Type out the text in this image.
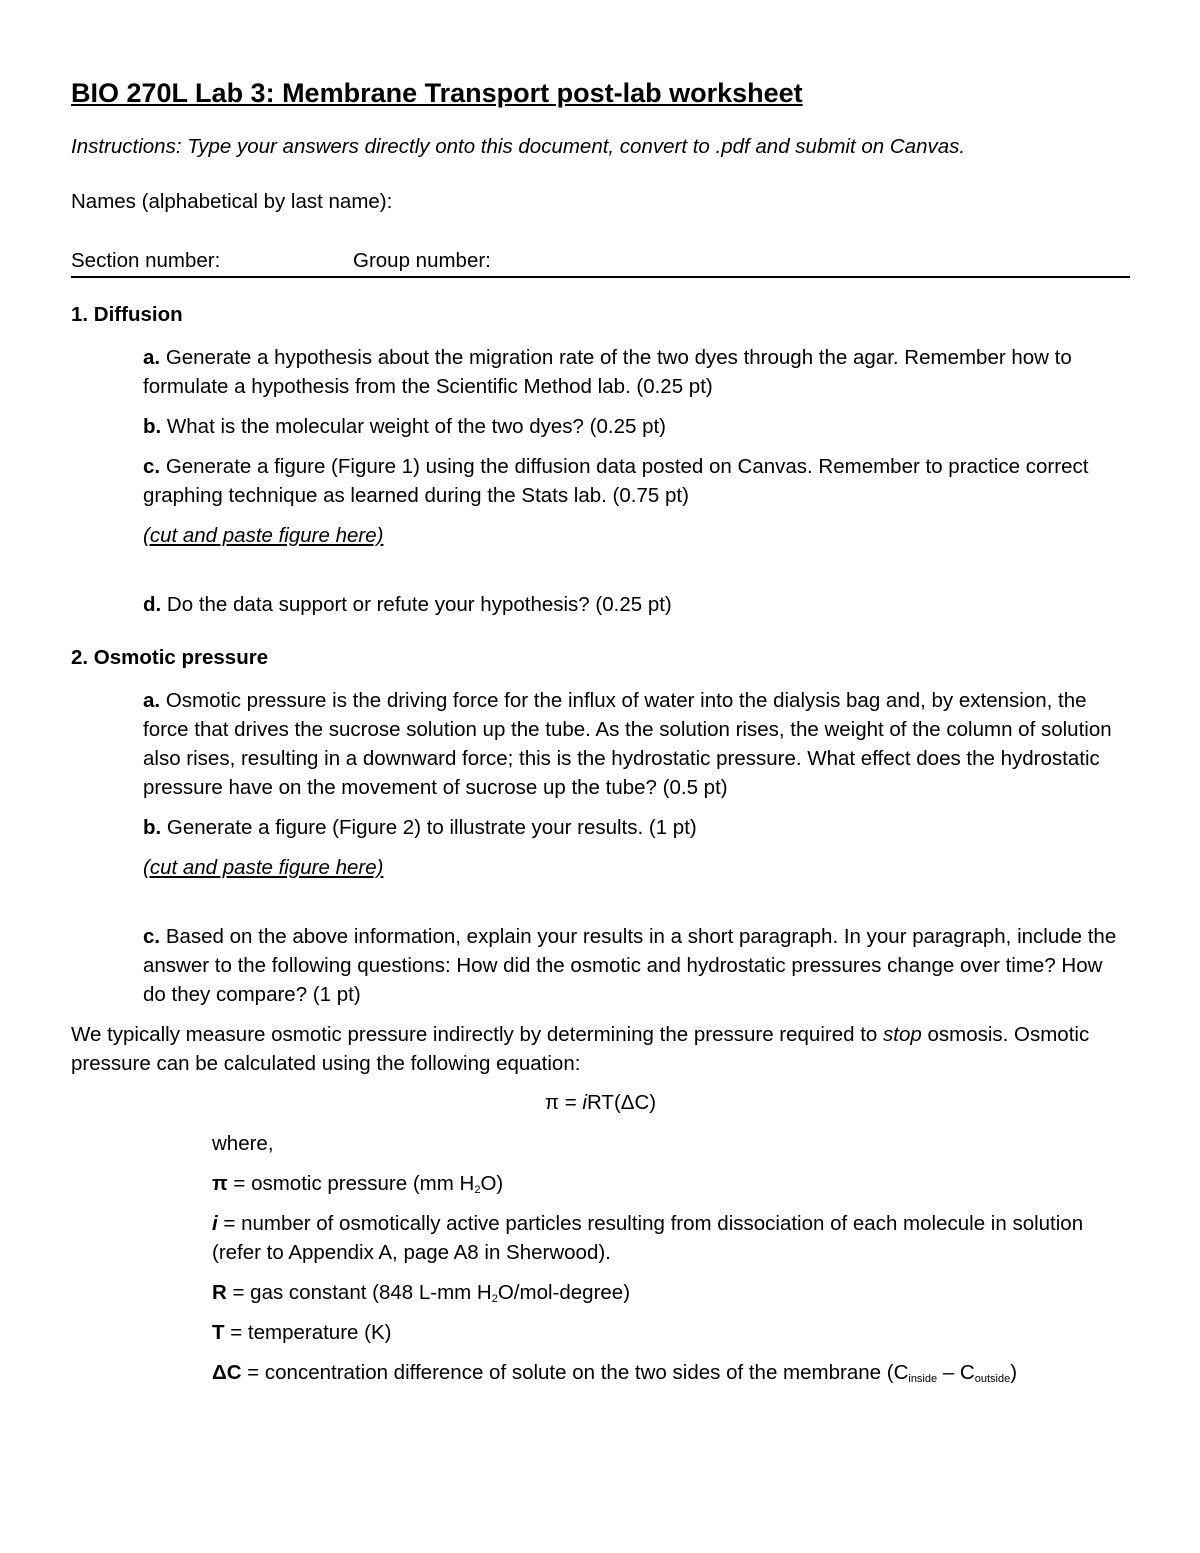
BIO 270L Lab 3: Membrane Transport post-lab worksheet
Instructions: Type your answers directly onto this document, convert to .pdf and submit on Canvas.
Names (alphabetical by last name):
Section number:	Group number:
1. Diffusion
a. Generate a hypothesis about the migration rate of the two dyes through the agar. Remember how to formulate a hypothesis from the Scientific Method lab. (0.25 pt)
b. What is the molecular weight of the two dyes? (0.25 pt)
c. Generate a figure (Figure 1) using the diffusion data posted on Canvas. Remember to practice correct graphing technique as learned during the Stats lab. (0.75 pt)
(cut and paste figure here)
d. Do the data support or refute your hypothesis? (0.25 pt)
2. Osmotic pressure
a. Osmotic pressure is the driving force for the influx of water into the dialysis bag and, by extension, the force that drives the sucrose solution up the tube. As the solution rises, the weight of the column of solution also rises, resulting in a downward force; this is the hydrostatic pressure. What effect does the hydrostatic pressure have on the movement of sucrose up the tube? (0.5 pt)
b. Generate a figure (Figure 2) to illustrate your results. (1 pt)
(cut and paste figure here)
c. Based on the above information, explain your results in a short paragraph. In your paragraph, include the answer to the following questions: How did the osmotic and hydrostatic pressures change over time? How do they compare? (1 pt)
We typically measure osmotic pressure indirectly by determining the pressure required to stop osmosis. Osmotic pressure can be calculated using the following equation:
π = iRT(ΔC)
where,
π = osmotic pressure (mm $H_2O$)
i = number of osmotically active particles resulting from dissociation of each molecule in solution (refer to Appendix A, page A8 in Sherwood).
R = gas constant (848 L-mm $H_2O/mol-degree$)
T = temperature (K)
ΔC = concentration difference of solute on the two sides of the membrane $(C_{inside} - C_{outside})$
